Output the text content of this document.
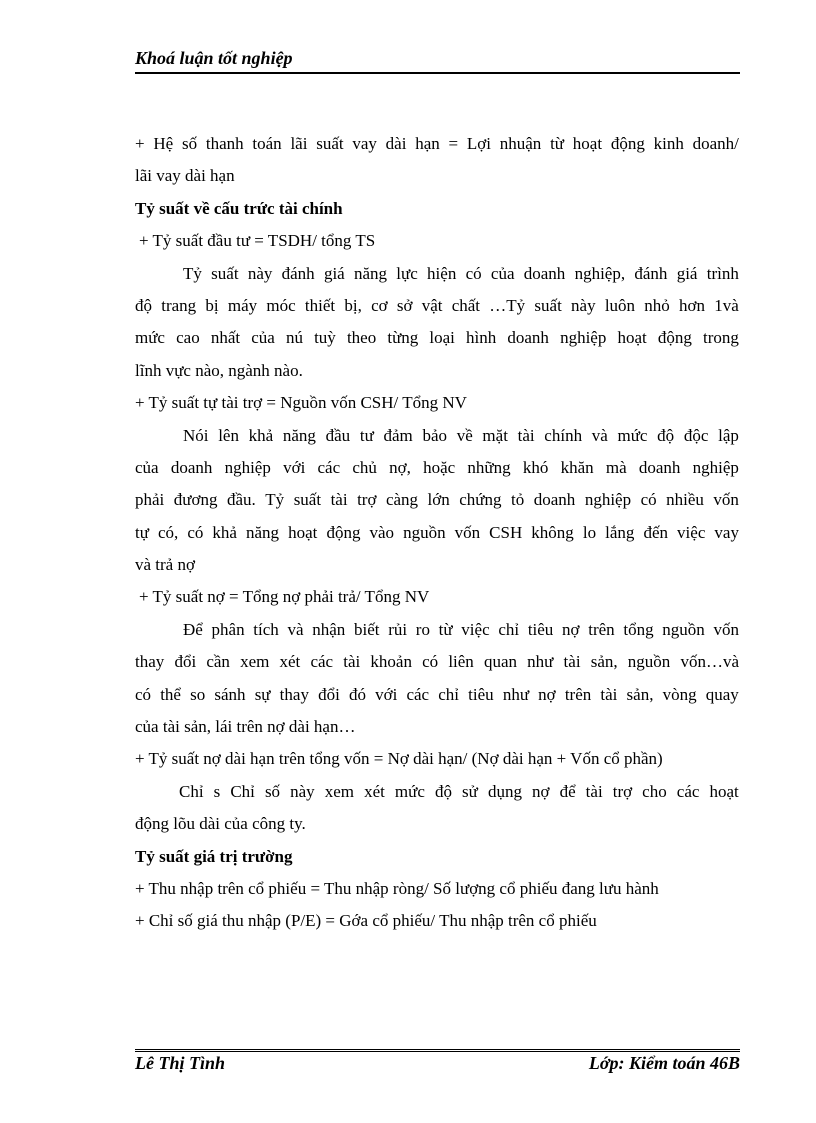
Khoá luận tốt nghiệp
+ Hệ số thanh toán lãi suất vay dài hạn = Lợi nhuận từ hoạt động kinh doanh/
lãi vay dài hạn
Tỷ suất về cấu trức tài chính
+ Tỷ suất đầu tư = TSDH/ tổng TS
Tỷ suất này đánh giá năng lực hiện có của doanh nghiệp, đánh giá trình
độ trang bị máy móc thiết bị, cơ sở vật chất …Tỷ suất này luôn nhỏ hơn 1và
mức cao nhất của nú tuỳ theo từng loại hình doanh nghiệp hoạt động trong
lĩnh vực nào, ngành nào.
+ Tỷ suất tự tài trợ = Nguồn vốn CSH/ Tổng NV
Nói lên khả năng đầu tư đảm bảo về mặt tài chính và mức độ độc lập
của doanh nghiệp với các chủ nợ, hoặc những khó khăn mà doanh nghiệp
phải đương đầu. Tỷ suất tài trợ càng lớn chứng tỏ doanh nghiệp có nhiều vốn
tự có, có khả năng hoạt động vào nguồn vốn CSH không lo lắng đến việc vay
và trả nợ
+ Tỷ suất nợ = Tổng nợ phải trả/ Tổng NV
Để phân tích và nhận biết rủi ro từ việc chỉ tiêu nợ trên tổng nguồn vốn
thay đổi cần xem xét các tài khoản có liên quan như tài sản, nguồn vốn…và
có thể so sánh sự thay đổi đó với các chỉ tiêu như nợ trên tài sản, vòng quay
của tài sản, lái trên nợ dài hạn…
+ Tỷ suất nợ dài hạn trên tổng vốn = Nợ dài hạn/ (Nợ dài hạn + Vốn cổ phần)
Chỉ s Chỉ số này xem xét mức độ sử dụng nợ để tài trợ cho các hoạt
động lõu dài của công ty.
Tỷ suất giá trị trường
+ Thu nhập trên cổ phiếu = Thu nhập ròng/ Số lượng cổ phiếu đang lưu hành
+ Chỉ số giá thu nhập (P/E) = Gớa cổ phiếu/ Thu nhập trên cổ phiếu
Lê Thị Tình	Lớp: Kiểm toán 46B
